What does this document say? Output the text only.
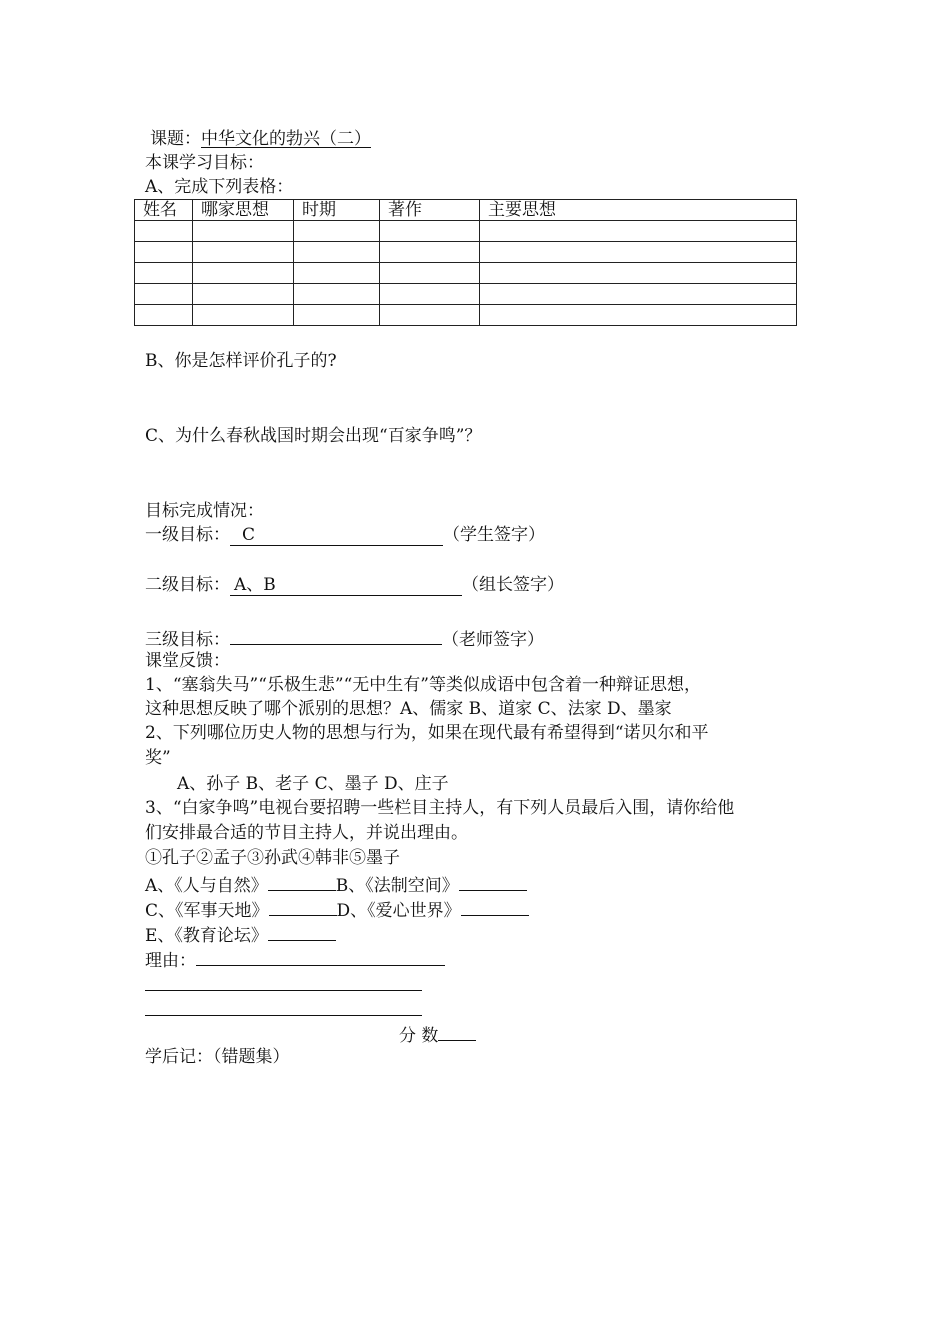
课题：中华文化的勃兴（二）
本课学习目标：
A、完成下列表格：
姓名	哪家思想	时期	著作	主要思想

B、你是怎样评价孔子的?
C、为什么春秋战国时期会出现“百家争鸣”？
目标完成情况：
一级目标： C	（学生签字）
二级目标： A、B	（组长签字）
三级目标：	（老师签字）
课堂反馈：
1、“塞翁失马”“乐极生悲”“无中生有”等类似成语中包含着一种辩证思想，
这种思想反映了哪个派别的思想？A、儒家 B、道家 C、法家 D、墨家
2、下列哪位历史人物的思想与行为，如果在现代最有希望得到“诺贝尔和平
奖”
A、孙子 B、老子 C、墨子 D、庄子
3、“白家争鸣”电视台要招聘一些栏目主持人，有下列人员最后入围，请你给他
们安排最合适的节目主持人，并说出理由。
①孔子②孟子③孙武④韩非⑤墨子
A、《人与自然》	B、《法制空间》
C、《军事天地》	D、《爱心世界》
E、《教育论坛》
理由：
分 数
学后记：（错题集）
